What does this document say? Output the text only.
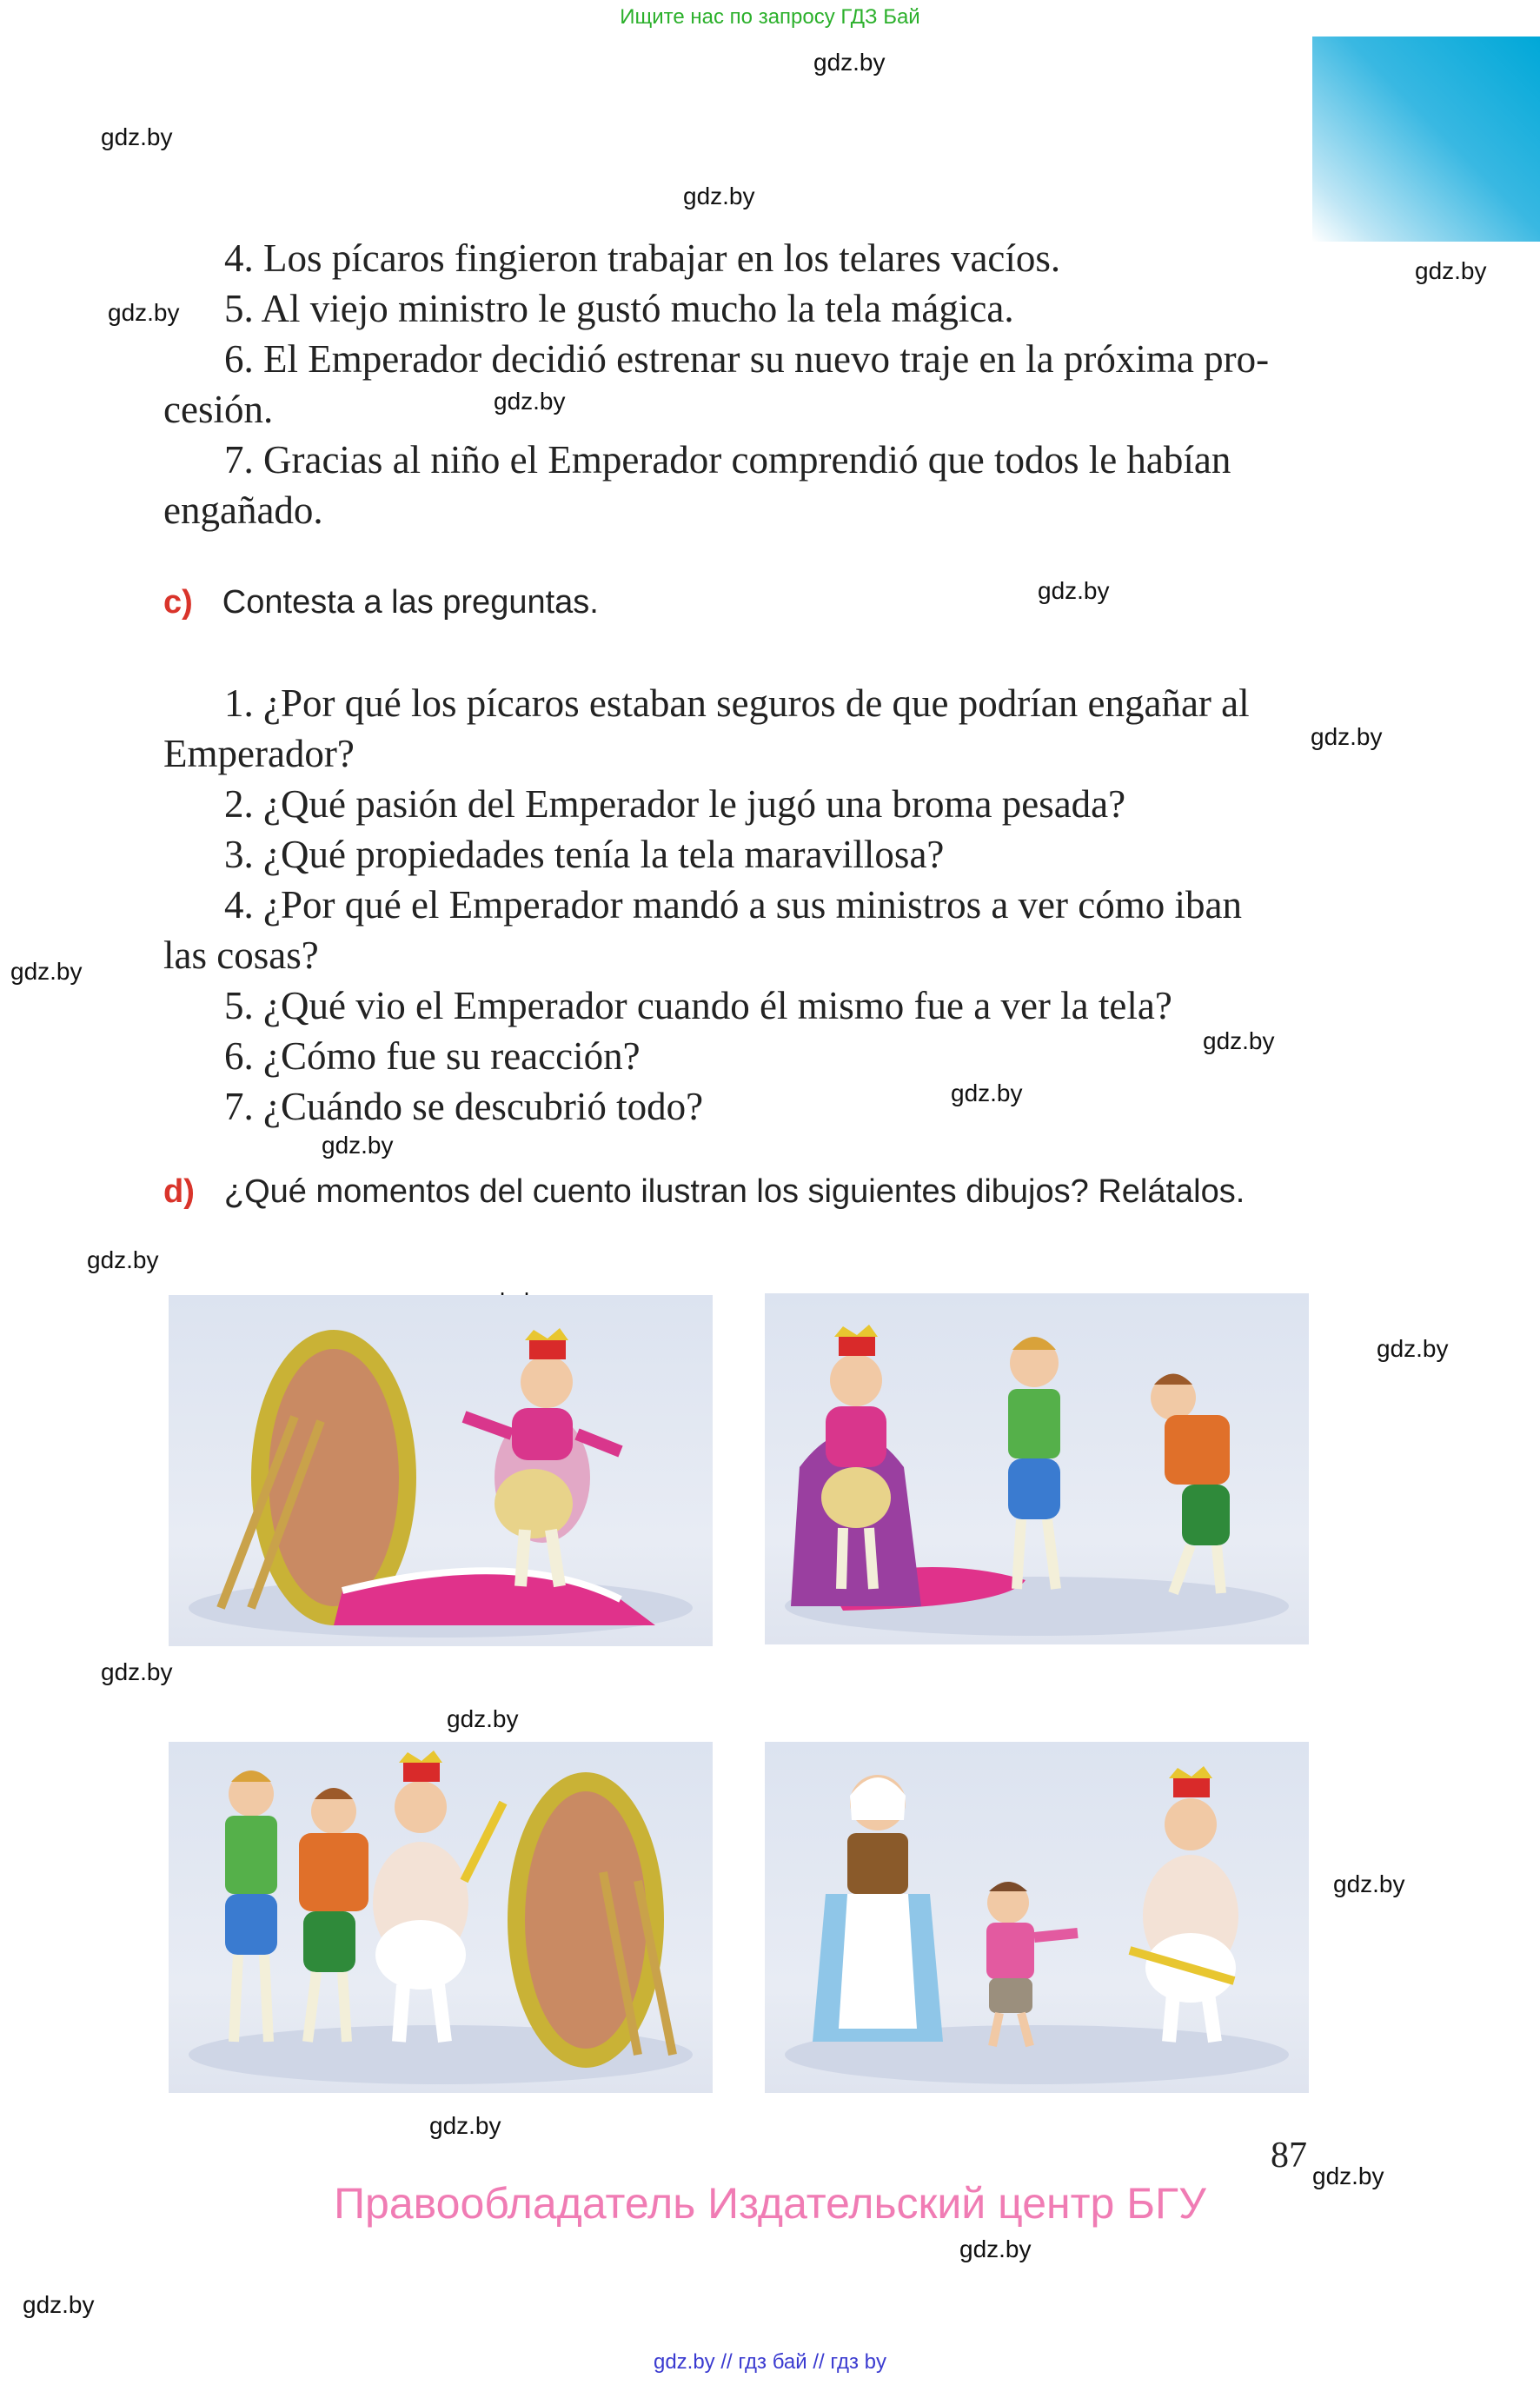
Ищите нас по запросу ГДЗ Бай
gdz.by
gdz.by
gdz.by
gdz.by
gdz.by
gdz.by
gdz.by
gdz.by
gdz.by
gdz.by
gdz.by
gdz.by
gdz.by
gdz.by
gdz.by
gdz.by
gdz.by
gdz.by
gdz.by
gdz.by
gdz.by
4. Los pícaros fingieron trabajar en los telares vacíos.
5. Al viejo ministro le gustó mucho la tela mágica.
6. El Emperador decidió estrenar su nuevo traje en la próxima pro-
cesión.
7. Gracias al niño el Emperador comprendió que todos le habían
engañado.
c) Contesta a las preguntas.
1. ¿Por qué los pícaros estaban seguros de que podrían engañar al
Emperador?
2. ¿Qué pasión del Emperador le jugó una broma pesada?
3. ¿Qué propiedades tenía la tela maravillosa?
4. ¿Por qué el Emperador mandó a sus ministros a ver cómo iban
las cosas?
5. ¿Qué vio el Emperador cuando él mismo fue a ver la tela?
6. ¿Cómo fue su reacción?
7. ¿Cuándo se descubrió todo?
d) ¿Qué momentos del cuento ilustran los siguientes dibujos? Relátalos.
87
Правообладатель Издательский центр БГУ
gdz.by // гдз бай // гдз by
